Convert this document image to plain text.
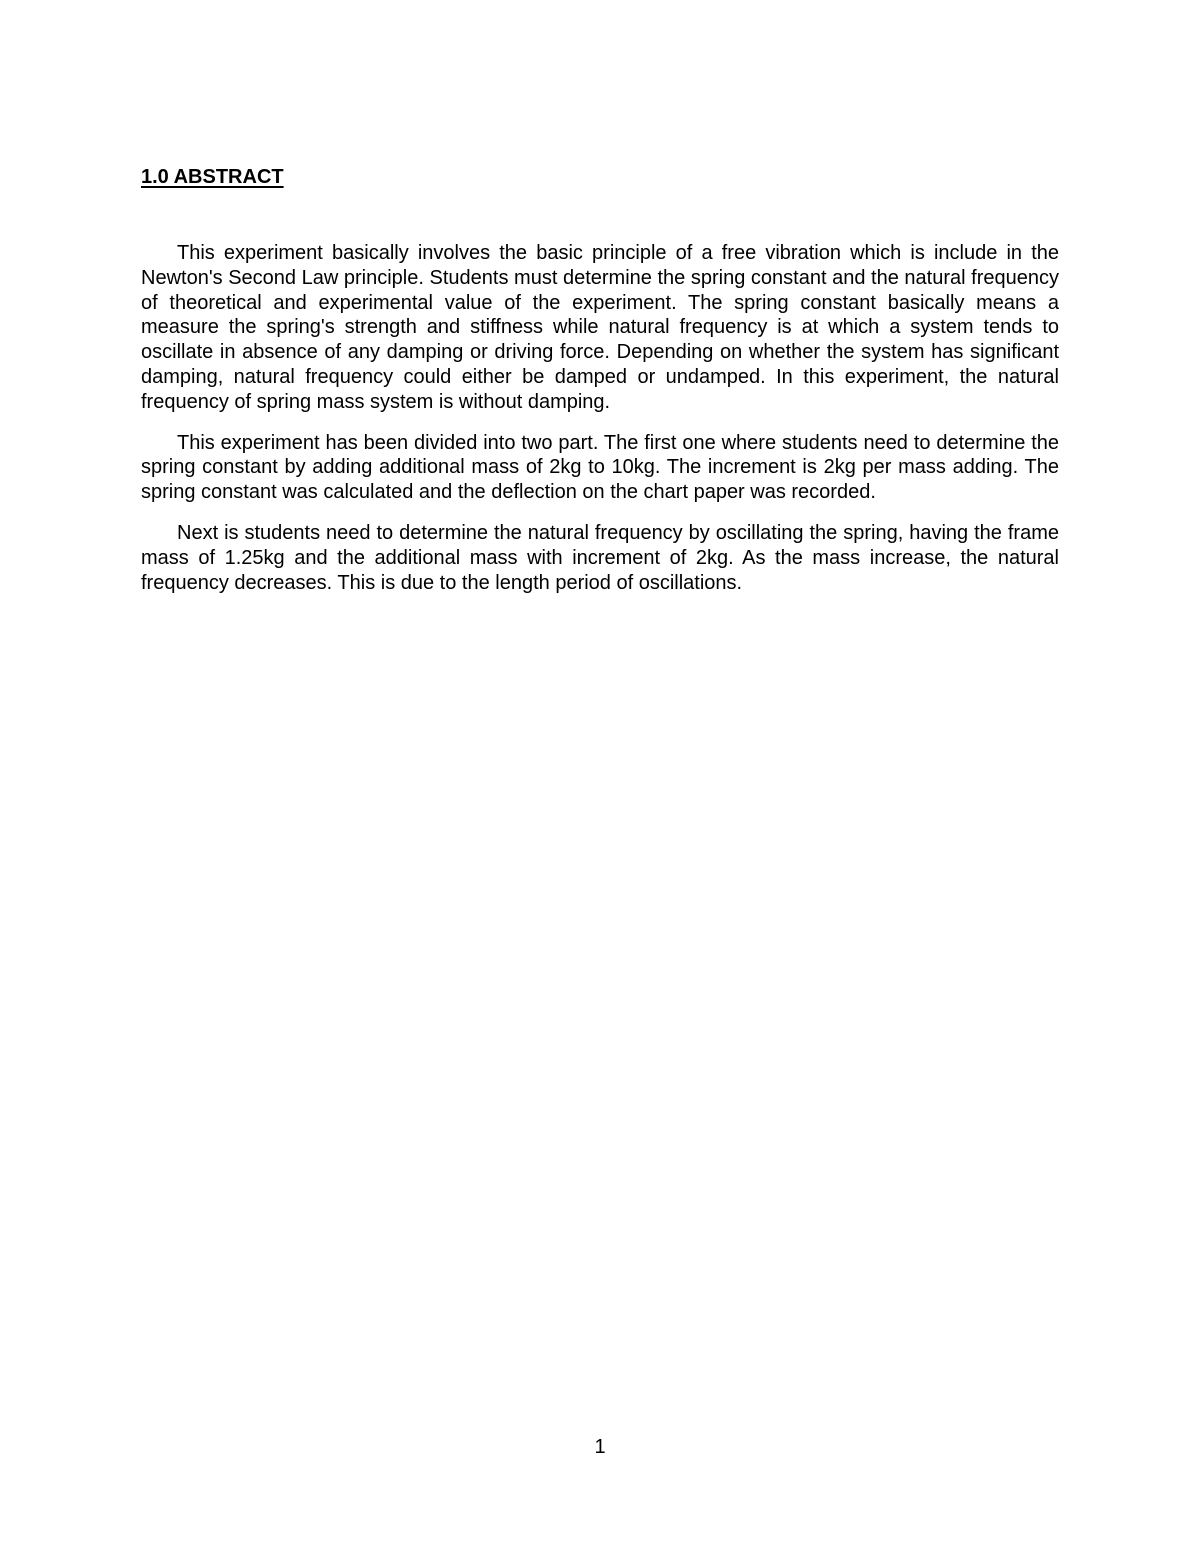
1.0 ABSTRACT

This experiment basically involves the basic principle of a free vibration which is include in the Newton's Second Law principle. Students must determine the spring constant and the natural frequency of theoretical and experimental value of the experiment. The spring constant basically means a measure the spring's strength and stiffness while natural frequency is at which a system tends to oscillate in absence of any damping or driving force. Depending on whether the system has significant damping, natural frequency could either be damped or undamped. In this experiment, the natural frequency of spring mass system is without damping.

This experiment has been divided into two part. The first one where students need to determine the spring constant by adding additional mass of 2kg to 10kg. The increment is 2kg per mass adding. The spring constant was calculated and the deflection on the chart paper was recorded.

Next is students need to determine the natural frequency by oscillating the spring, having the frame mass of 1.25kg and the additional mass with increment of 2kg. As the mass increase, the natural frequency decreases. This is due to the length period of oscillations.

1
